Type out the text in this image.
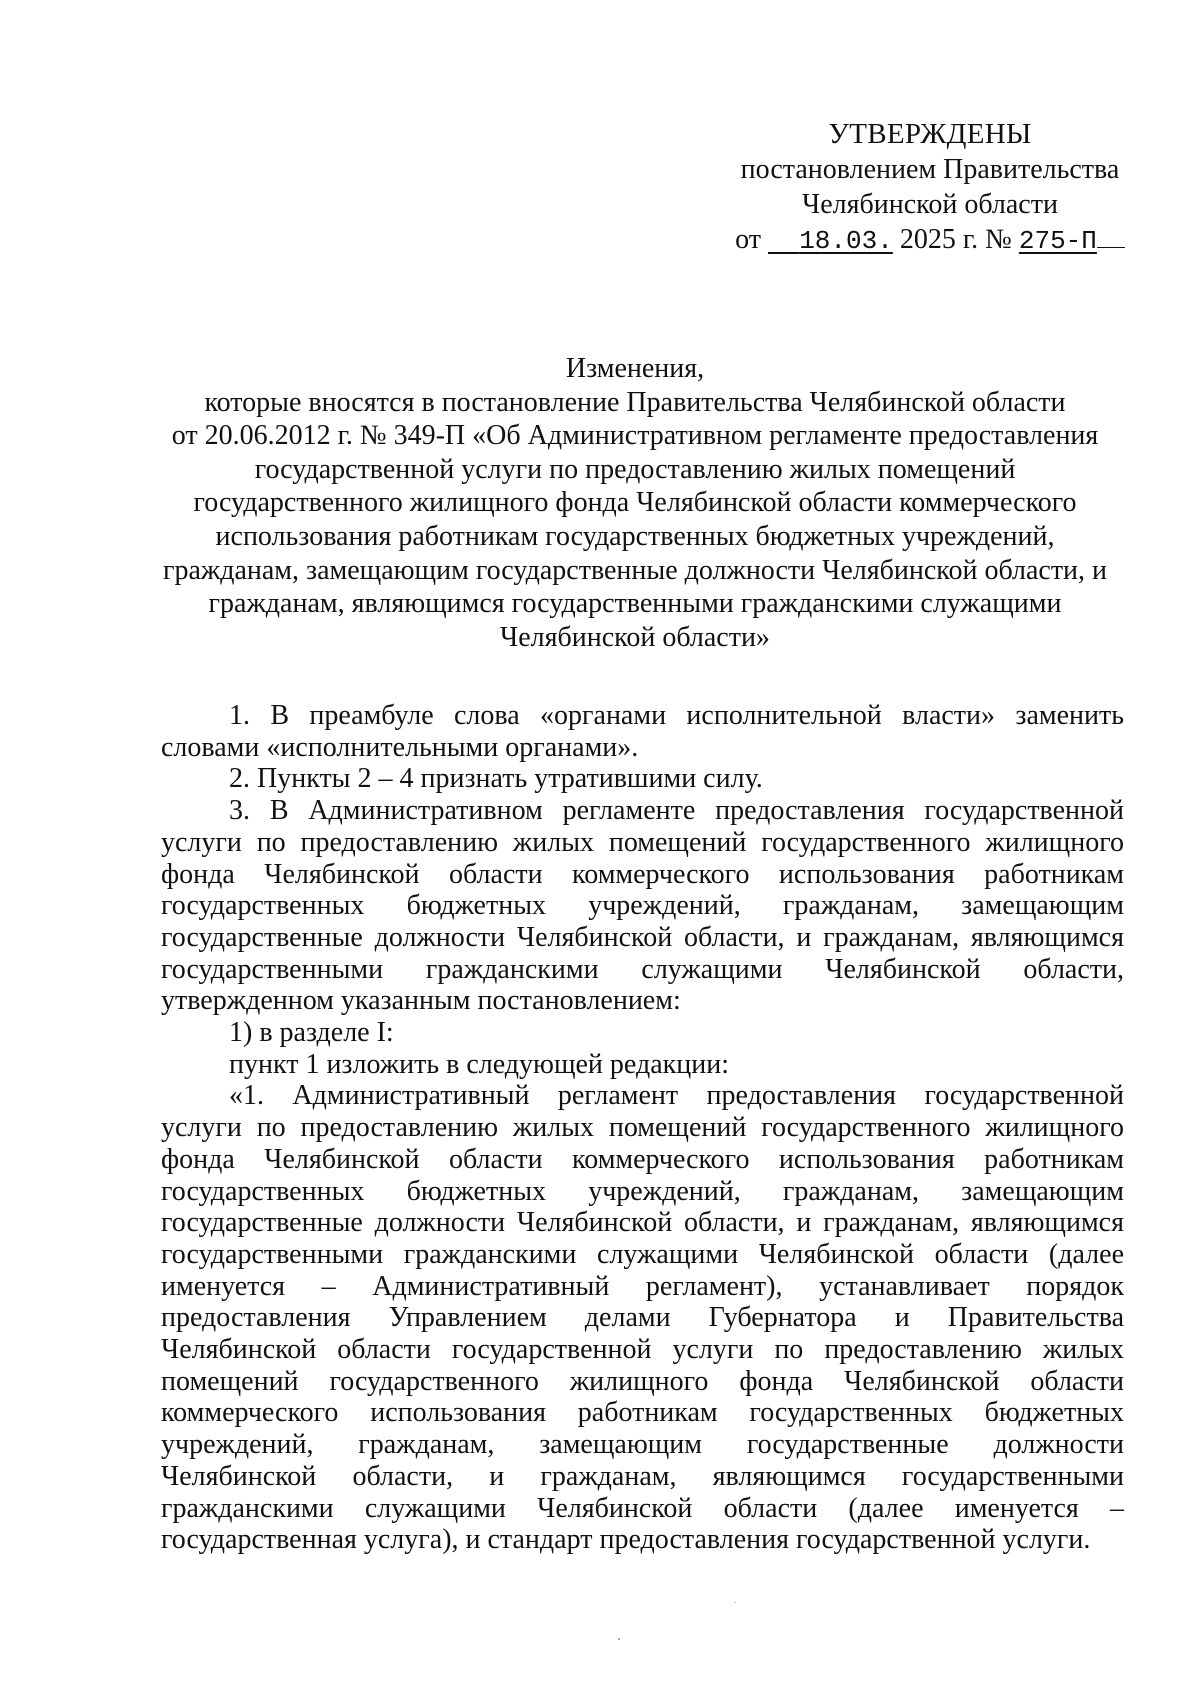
УТВЕРЖДЕНЫ
постановлением Правительства
Челябинской области
от 18.03. 2025 г. № 275-П
Изменения,
которые вносятся в постановление Правительства Челябинской области
от 20.06.2012 г. № 349-П «Об Административном регламенте предоставления
государственной услуги по предоставлению жилых помещений
государственного жилищного фонда Челябинской области коммерческого
использования работникам государственных бюджетных учреждений,
гражданам, замещающим государственные должности Челябинской области, и
гражданам, являющимся государственными гражданскими служащими
Челябинской области»

1. В преамбуле слова «органами исполнительной власти» заменить словами «исполнительными органами».

2. Пункты 2 – 4 признать утратившими силу.

3. В Административном регламенте предоставления государственной услуги по предоставлению жилых помещений государственного жилищного фонда Челябинской области коммерческого использования работникам государственных бюджетных учреждений, гражданам, замещающим государственные должности Челябинской области, и гражданам, являющимся государственными гражданскими служащими Челябинской области, утвержденном указанным постановлением:

1) в разделе I:

пункт 1 изложить в следующей редакции:

«1. Административный регламент предоставления государственной услуги по предоставлению жилых помещений государственного жилищного фонда Челябинской области коммерческого использования работникам государственных бюджетных учреждений, гражданам, замещающим государственные должности Челябинской области, и гражданам, являющимся государственными гражданскими служащими Челябинской области (далее именуется – Административный регламент), устанавливает порядок предоставления Управлением делами Губернатора и Правительства Челябинской области государственной услуги по предоставлению жилых помещений государственного жилищного фонда Челябинской области коммерческого использования работникам государственных бюджетных учреждений, гражданам, замещающим государственные должности Челябинской области, и гражданам, являющимся государственными гражданскими служащими Челябинской области (далее именуется – государственная услуга), и стандарт предоставления государственной услуги.
